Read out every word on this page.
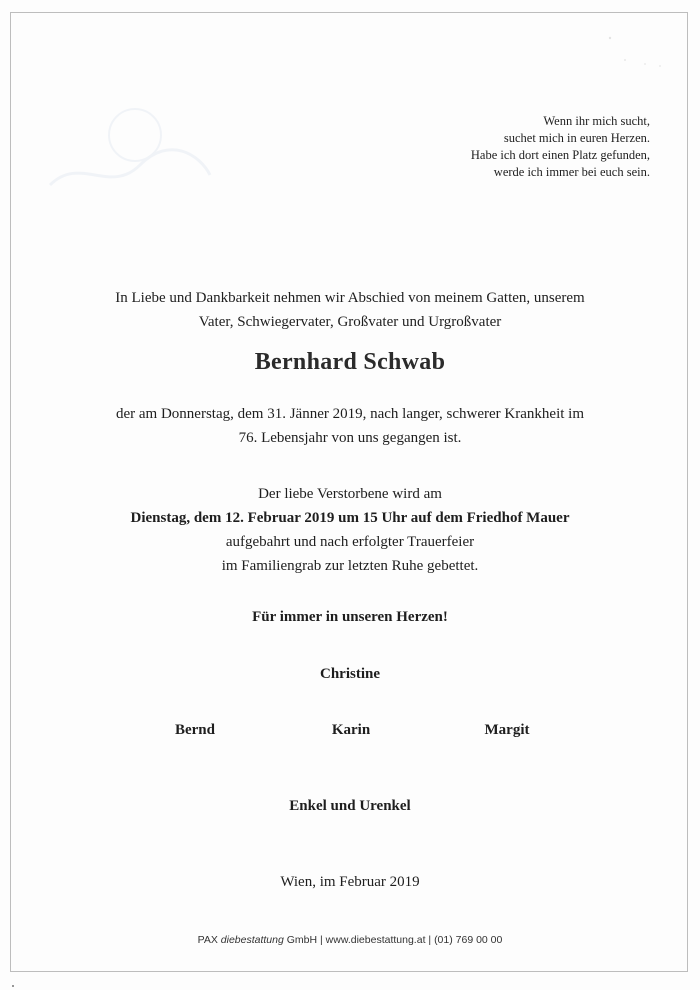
Wenn ihr mich sucht,
suchet mich in euren Herzen.
Habe ich dort einen Platz gefunden,
werde ich immer bei euch sein.
In Liebe und Dankbarkeit nehmen wir Abschied von meinem Gatten, unserem
Vater, Schwiegervater, Großvater und Urgroßvater
Bernhard Schwab
der am Donnerstag, dem 31. Jänner 2019, nach langer, schwerer Krankheit im
76. Lebensjahr von uns gegangen ist.
Der liebe Verstorbene wird am
Dienstag, dem 12. Februar 2019 um 15 Uhr auf dem Friedhof Mauer
aufgebahrt und nach erfolgter Trauerfeier
im Familiengrab zur letzten Ruhe gebettet.
Für immer in unseren Herzen!
Christine
Bernd	Karin	Margit
Enkel und Urenkel
Wien, im Februar 2019
PAX diebestattung GmbH | www.diebestattung.at | (01) 769 00 00
